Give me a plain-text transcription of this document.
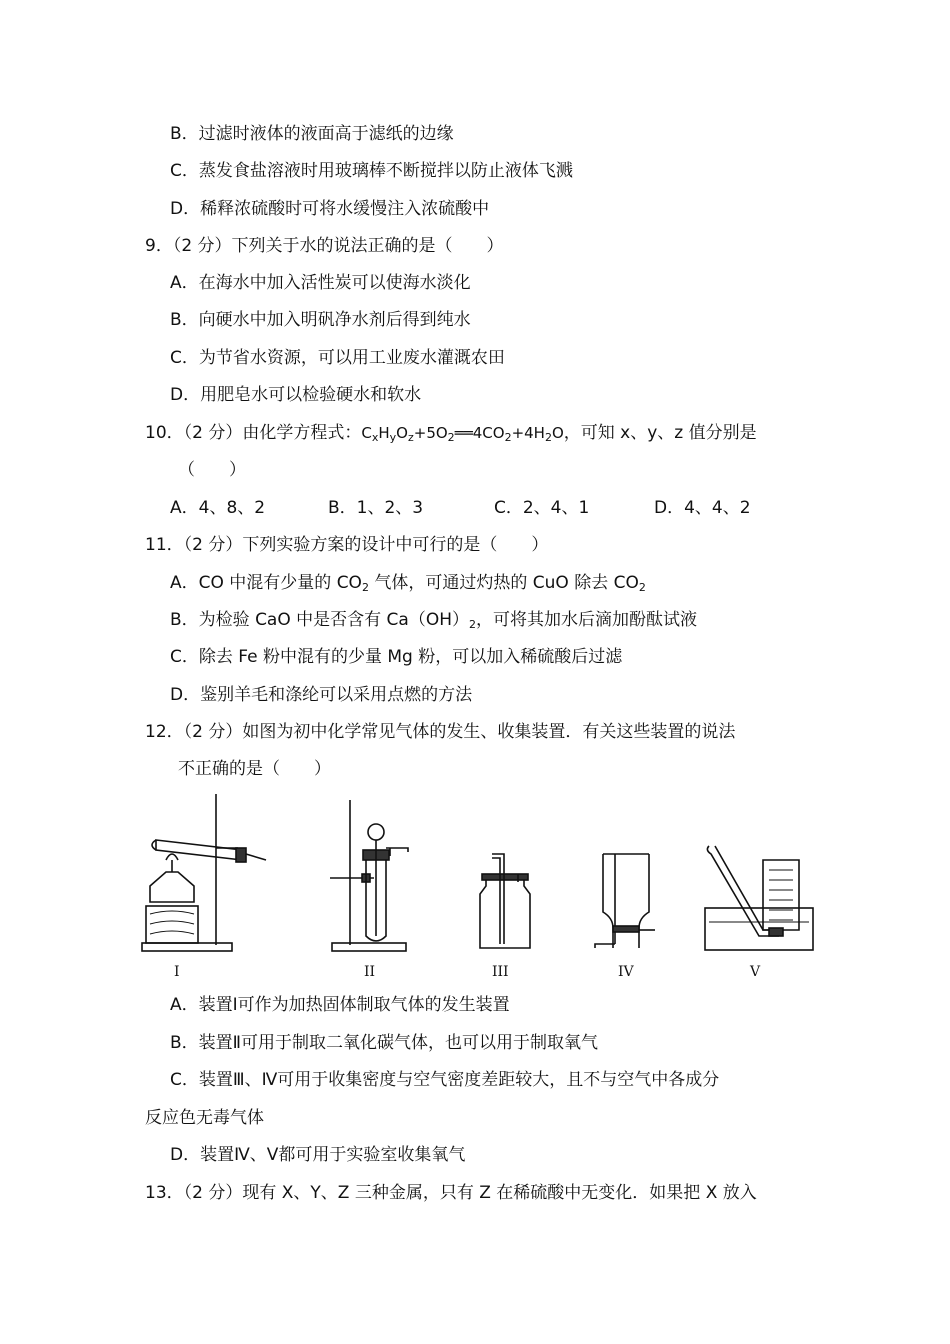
B．过滤时液体的液面高于滤纸的边缘
C．蒸发食盐溶液时用玻璃棒不断搅拌以防止液体飞溅
D．稀释浓硫酸时可将水缓慢注入浓硫酸中
9．（2 分）下列关于水的说法正确的是（　　）
A．在海水中加入活性炭可以使海水淡化
B．向硬水中加入明矾净水剂后得到纯水
C．为节省水资源，可以用工业废水灌溉农田
D．用肥皂水可以检验硬水和软水
10．（2 分）由化学方程式：$C_xH_yO_z+5O_2══4CO_2+4H_2O$，可知 x、y、z 值分别是
（　　）
A．4、8、2	B．1、2、3	C．2、4、1	D．4、4、2
11．（2 分）下列实验方案的设计中可行的是（　　）
A．CO 中混有少量的 $CO_2$ 气体，可通过灼热的 CuO 除去 $CO_2$
B．为检验 CaO 中是否含有 $Ca(OH)_2$，可将其加水后滴加酚酞试液
C．除去 Fe 粉中混有的少量 Mg 粉，可以加入稀硫酸后过滤
D．鉴别羊毛和涤纶可以采用点燃的方法
12．（2 分）如图为初中化学常见气体的发生、收集装置．有关这些装置的说法
不正确的是（　　）
I	II	III	IV	V
A．装置Ⅰ可作为加热固体制取气体的发生装置
B．装置Ⅱ可用于制取二氧化碳气体，也可以用于制取氧气
C．装置Ⅲ、Ⅳ可用于收集密度与空气密度差距较大，且不与空气中各成分
反应色无毒气体
D．装置Ⅳ、Ⅴ都可用于实验室收集氧气
13．（2 分）现有 X、Y、Z 三种金属，只有 Z 在稀硫酸中无变化．如果把 X 放入
